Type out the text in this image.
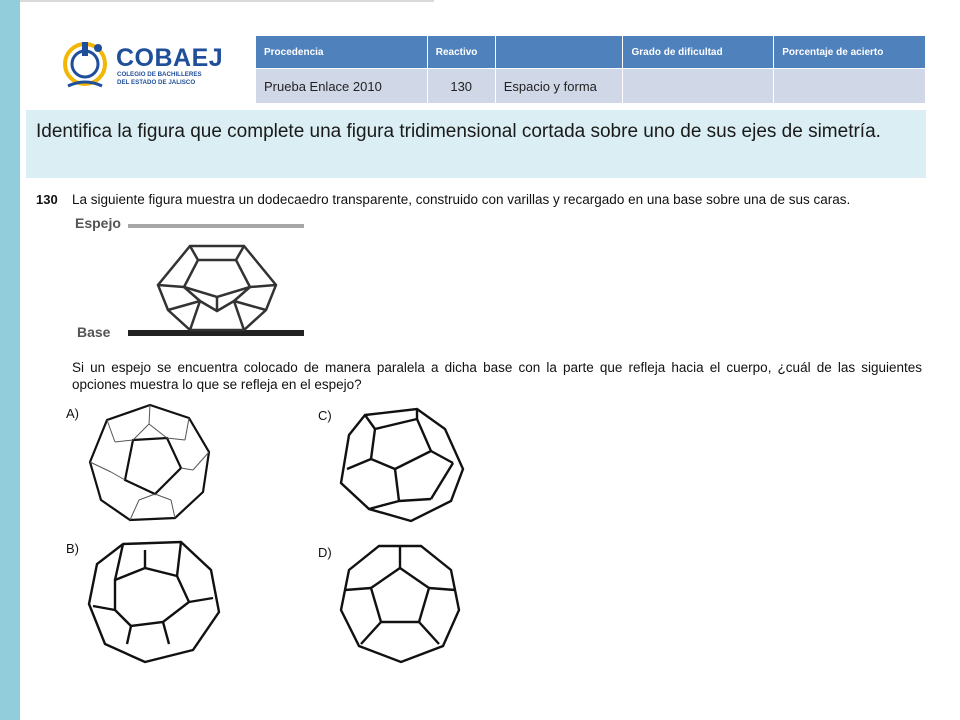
COBAEJ
COLEGIO DE BACHILLERES
DEL ESTADO DE JALISCO
Procedencia	Reactivo		Grado de dificultad	Porcentaje de acierto
Prueba Enlace 2010	130	Espacio y forma		
Identifica la figura que complete una figura tridimensional cortada sobre uno de sus ejes de simetría.
130 La siguiente figura muestra un dodecaedro transparente, construido con varillas y recargado en una base sobre una de sus caras.
Espejo
Base
Si un espejo se encuentra colocado de manera paralela a dicha base con la parte que refleja hacia el cuerpo, ¿cuál de las siguientes opciones muestra lo que se refleja en el espejo?
A)
B)
C)
D)
